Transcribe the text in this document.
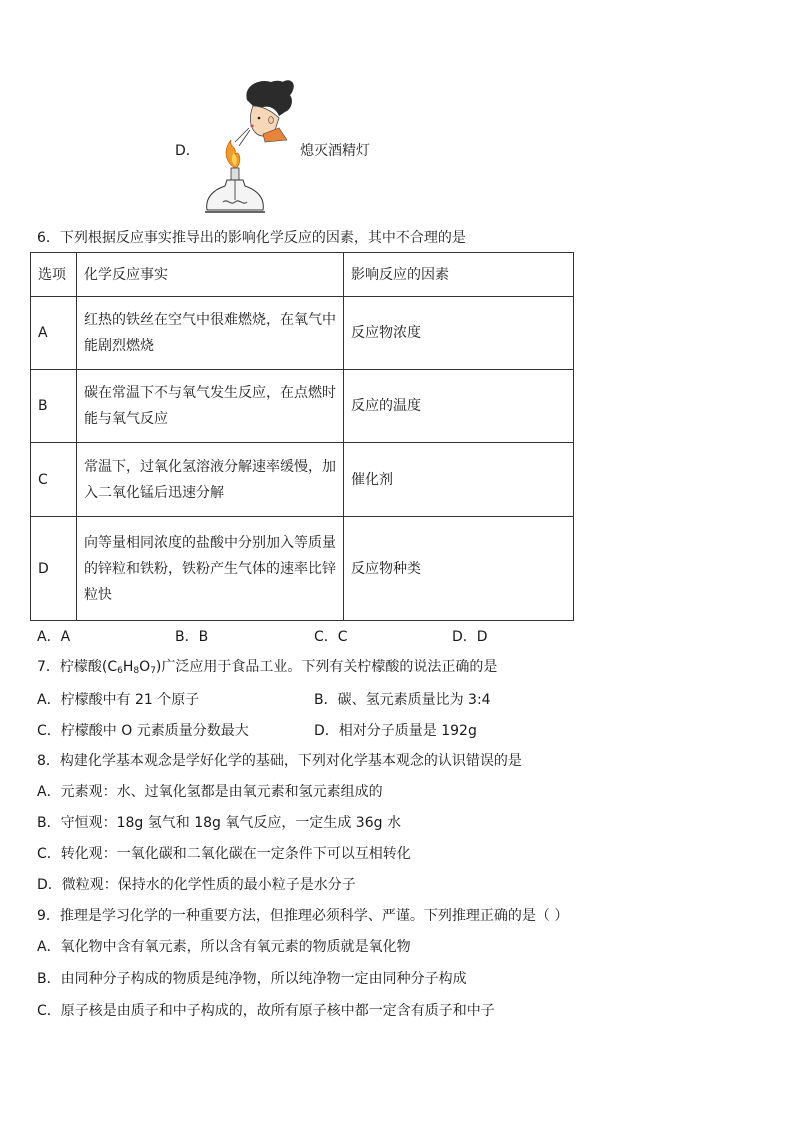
D．	熄灭酒精灯
6．下列根据反应事实推导出的影响化学反应的因素，其中不合理的是
选项	化学反应事实	影响反应的因素
A	红热的铁丝在空气中很难燃烧，在氧气中能剧烈燃烧	反应物浓度
B	碳在常温下不与氧气发生反应，在点燃时能与氧气反应	反应的温度
C	常温下，过氧化氢溶液分解速率缓慢，加入二氧化锰后迅速分解	催化剂
D	向等量相同浓度的盐酸中分别加入等质量的锌粒和铁粉，铁粉产生气体的速率比锌粒快	反应物种类
A．A	B．B	C．C	D．D
7．柠檬酸$(C_6H_8O_7)$广泛应用于食品工业。下列有关柠檬酸的说法正确的是
A．柠檬酸中有 21 个原子	B．碳、氢元素质量比为 3:4
C．柠檬酸中 O 元素质量分数最大	D．相对分子质量是 192g
8．构建化学基本观念是学好化学的基础，下列对化学基本观念的认识错误的是
A．元素观：水、过氧化氢都是由氧元素和氢元素组成的
B．守恒观：18g 氢气和 18g 氧气反应，一定生成 36g 水
C．转化观：一氧化碳和二氧化碳在一定条件下可以互相转化
D．微粒观：保持水的化学性质的最小粒子是水分子
9．推理是学习化学的一种重要方法，但推理必须科学、严谨。下列推理正确的是（ ）
A．氧化物中含有氧元素，所以含有氧元素的物质就是氧化物
B．由同种分子构成的物质是纯净物，所以纯净物一定由同种分子构成
C．原子核是由质子和中子构成的，故所有原子核中都一定含有质子和中子
